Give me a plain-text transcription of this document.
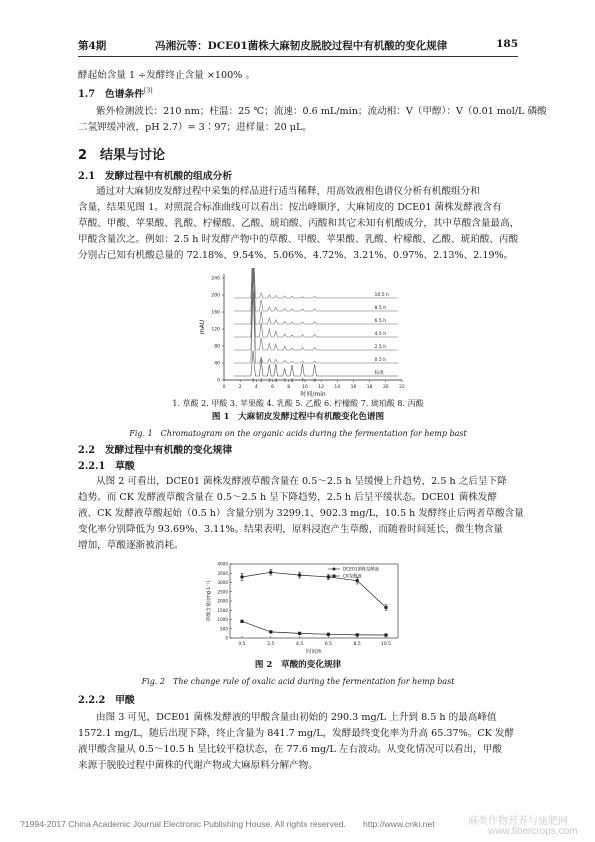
第4期	冯湘沅等：DCE01菌株大麻韧皮脱胶过程中有机酸的变化规律	185
酵起始含量 1 ÷发酵终止含量 ×100% 。
1.7　色谱条件[3]
紫外检测波长：210 nm；柱温：25 ℃；流速：0.6 mL/min；流动相：V（甲醇）：V（0.01 mol/L 磷酸
二氢钾缓冲液，pH 2.7）= 3∶97；进样量：20 μL。
2　结果与讨论
2.1　发酵过程中有机酸的组成分析
通过对大麻韧皮发酵过程中采集的样品进行适当稀释，用高效液相色谱仪分析有机酸组分和
含量，结果见图 1。对照混合标准曲线可以看出：按出峰顺序，大麻韧皮的 DCE01 菌株发酵液含有
草酸、甲酸、苹果酸、乳酸、柠檬酸、乙酸、琥珀酸、丙酸和其它未知有机酸成分，其中草酸含量最高，
甲酸含量次之。例如：2.5 h 时发酵产物中的草酸、甲酸、苹果酸、乳酸、柠檬酸、乙酸、琥珀酸、丙酸
分别占已知有机酸总量的 72.18%、9.54%、5.06%、4.72%、3.21%、0.97%、2.13%、2.19%。
0	2	4	6	8	10 12 14 16 18 20 22
0
40
80
120
160
200
240
时间/min
mAU
10.5 h
8.5 h
6.5 h
4.5 h
2.5 h
0.5 h
标准
1 2 3 4 5 6 7 8
1. 草酸 2. 甲酸 3. 苹果酸 4. 乳酸 5. 乙酸 6. 柠檬酸 7. 琥珀酸 8. 丙酸
图 1　大麻韧皮发酵过程中有机酸变化色谱图
Fig. 1　Chromatogram on the organic acids during the fermentation for hemp bast
2.2　发酵过程中有机酸的变化规律
2.2.1　草酸
从图 2 可看出，DCE01 菌株发酵液草酸含量在 0.5～2.5 h 呈缓慢上升趋势，2.5 h 之后呈下降
趋势。而 CK 发酵液草酸含量在 0.5～2.5 h 呈下降趋势，2.5 h 后呈平缓状态。DCE01 菌株发酵
液、CK 发酵液草酸起始（0.5 h）含量分别为 3299.1、902.3 mg/L，10.5 h 发酵终止后两者草酸含量
变化率分别降低为 93.69%、3.11%。结果表明，原料浸泡产生草酸，而随着时间延长，微生物含量
增加，草酸逐渐被消耗。
0
500
1000
1500
2000
2500
3000
3500
4000
0.5	2.5	4.5	6.5	8.5	10.5
时间/h
草酸含量/(mg·L⁻¹)
DCE01菌株发酵液
CK发酵液
图 2　草酸的变化规律
Fig. 2　The change rule of oxalic acid during the fermentation for hemp bast
2.2.2　甲酸
由图 3 可见，DCE01 菌株发酵液的甲酸含量由初始的 290.3 mg/L 上升到 8.5 h 的最高峰值
1572.1 mg/L，随后出现下降，终止含量为 841.7 mg/L，发酵最终变化率为升高 65.37%。CK 发酵
液甲酸含量从 0.5～10.5 h 呈比较平稳状态，在 77.6 mg/L 左右波动。从变化情况可以看出，甲酸
来源于脱胶过程中菌株的代谢产物或大麻原料分解产物。
?1994-2017 China Academic Journal Electronic Publishing House. All rights reserved.　　http://www.cnki.net	麻类作物营养与施肥网
www.fibercrops.com
